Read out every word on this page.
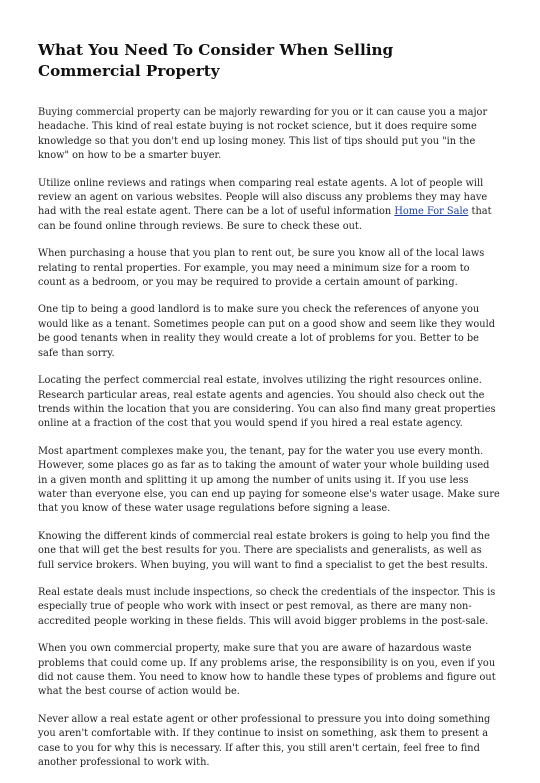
What You Need To Consider When Selling Commercial Property

Buying commercial property can be majorly rewarding for you or it can cause you a major headache. This kind of real estate buying is not rocket science, but it does require some knowledge so that you don't end up losing money. This list of tips should put you "in the know" on how to be a smarter buyer.

Utilize online reviews and ratings when comparing real estate agents. A lot of people will review an agent on various websites. People will also discuss any problems they may have had with the real estate agent. There can be a lot of useful information Home For Sale that can be found online through reviews. Be sure to check these out.

When purchasing a house that you plan to rent out, be sure you know all of the local laws relating to rental properties. For example, you may need a minimum size for a room to count as a bedroom, or you may be required to provide a certain amount of parking.

One tip to being a good landlord is to make sure you check the references of anyone you would like as a tenant. Sometimes people can put on a good show and seem like they would be good tenants when in reality they would create a lot of problems for you. Better to be safe than sorry.

Locating the perfect commercial real estate, involves utilizing the right resources online. Research particular areas, real estate agents and agencies. You should also check out the trends within the location that you are considering. You can also find many great properties online at a fraction of the cost that you would spend if you hired a real estate agency.

Most apartment complexes make you, the tenant, pay for the water you use every month. However, some places go as far as to taking the amount of water your whole building used in a given month and splitting it up among the number of units using it. If you use less water than everyone else, you can end up paying for someone else's water usage. Make sure that you know of these water usage regulations before signing a lease.

Knowing the different kinds of commercial real estate brokers is going to help you find the one that will get the best results for you. There are specialists and generalists, as well as full service brokers. When buying, you will want to find a specialist to get the best results.

Real estate deals must include inspections, so check the credentials of the inspector. This is especially true of people who work with insect or pest removal, as there are many non-accredited people working in these fields. This will avoid bigger problems in the post-sale.

When you own commercial property, make sure that you are aware of hazardous waste problems that could come up. If any problems arise, the responsibility is on you, even if you did not cause them. You need to know how to handle these types of problems and figure out what the best course of action would be.

Never allow a real estate agent or other professional to pressure you into doing something you aren't comfortable with. If they continue to insist on something, ask them to present a case to you for why this is necessary. If after this, you still aren't certain, feel free to find another professional to work with.
